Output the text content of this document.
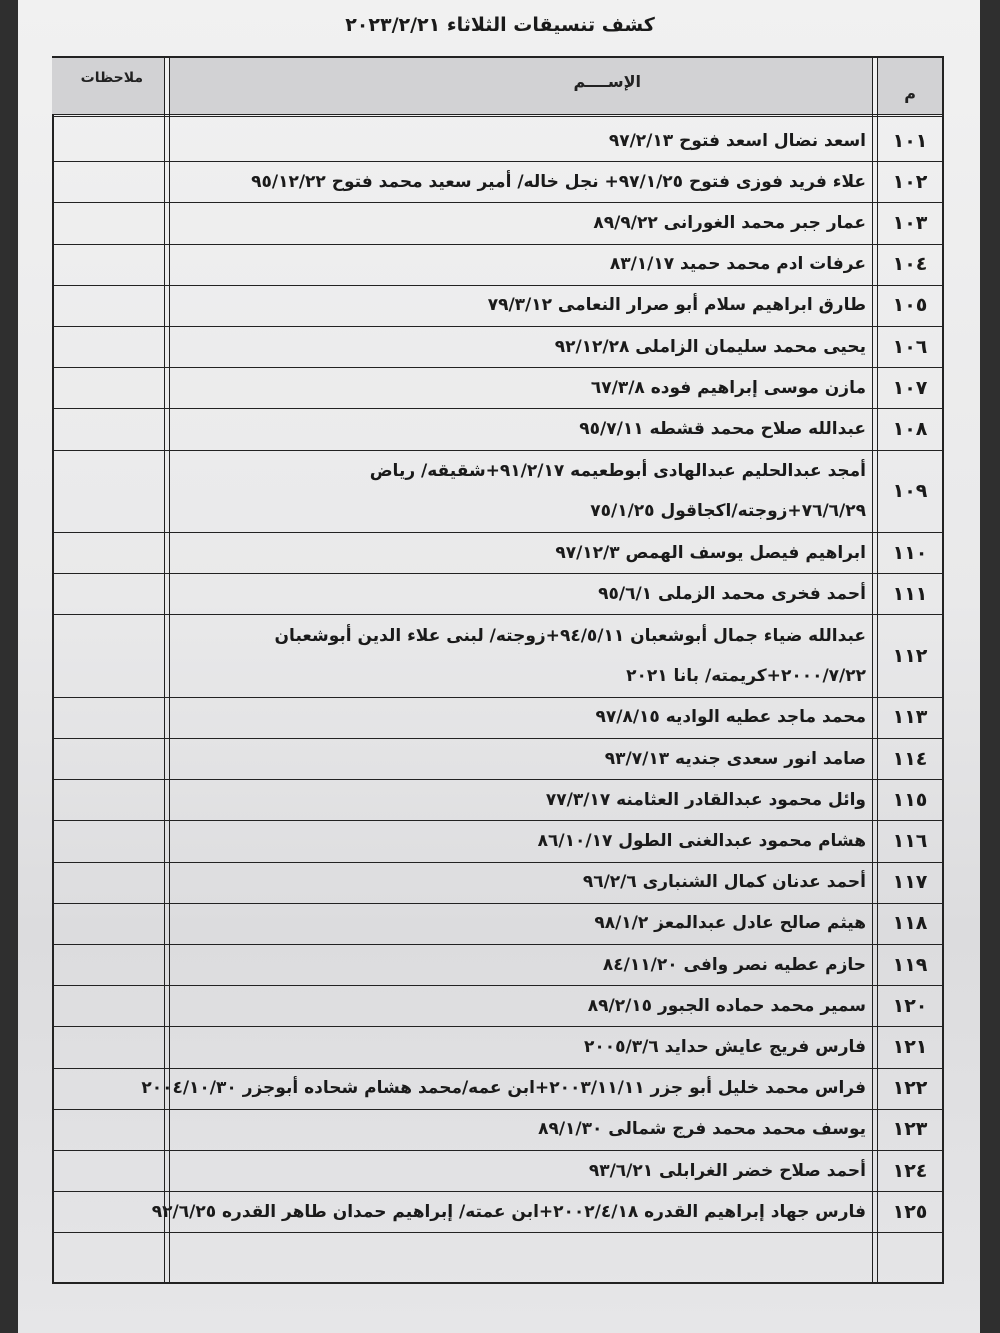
كشف تنسيقات الثلاثاء ٢٠٢٣/٢/٢١
م
الإســــم
ملاحظات
١٠١
اسعد نضال اسعد فتوح ٩٧/٢/١٣
١٠٢
علاء فريد فوزى فتوح ٩٧/١/٢٥+ نجل خاله/ أمير سعيد محمد فتوح ٩٥/١٢/٢٢
١٠٣
عمار جبر محمد الغورانى ٨٩/٩/٢٢
١٠٤
عرفات ادم محمد حميد ٨٣/١/١٧
١٠٥
طارق ابراهيم سلام أبو صرار النعامى ٧٩/٣/١٢
١٠٦
يحيى محمد سليمان الزاملى ٩٢/١٢/٢٨
١٠٧
مازن موسى إبراهيم فوده ٦٧/٣/٨
١٠٨
عبدالله صلاح محمد قشطه ٩٥/٧/١١
١٠٩
أمجد عبدالحليم عبدالهادى أبوطعيمه ٩١/٢/١٧+شقيقه/ رياض
٧٦/٦/٢٩+زوجته/اكجاقول ٧٥/١/٢٥
١١٠
ابراهيم فيصل يوسف الهمص ٩٧/١٢/٣
١١١
أحمد فخرى محمد الزملى ٩٥/٦/١
١١٢
عبدالله ضياء جمال أبوشعبان ٩٤/٥/١١+زوجته/ لبنى علاء الدين أبوشعبان
٢٠٠٠/٧/٢٢+كريمته/ بانا ٢٠٢١
١١٣
محمد ماجد عطيه الواديه ٩٧/٨/١٥
١١٤
صامد انور سعدى جنديه ٩٣/٧/١٣
١١٥
وائل محمود عبدالقادر العثامنه ٧٧/٣/١٧
١١٦
هشام محمود عبدالغنى الطول ٨٦/١٠/١٧
١١٧
أحمد عدنان كمال الشنبارى ٩٦/٢/٦
١١٨
هيثم صالح عادل عبدالمعز ٩٨/١/٢
١١٩
حازم عطيه نصر وافى ٨٤/١١/٢٠
١٢٠
سمير محمد حماده الجبور ٨٩/٢/١٥
١٢١
فارس فريج عايش حدايد ٢٠٠٥/٣/٦
١٢٢
فراس محمد خليل أبو جزر ٢٠٠٣/١١/١١+ابن عمه/محمد هشام شحاده أبوجزر ٢٠٠٤/١٠/٣٠
١٢٣
يوسف محمد محمد فرج شمالى ٨٩/١/٣٠
١٢٤
أحمد صلاح خضر الغرابلى ٩٣/٦/٢١
١٢٥
فارس جهاد إبراهيم القدره ٢٠٠٢/٤/١٨+ابن عمته/ إبراهيم حمدان طاهر القدره ٩٢/٦/٢٥
